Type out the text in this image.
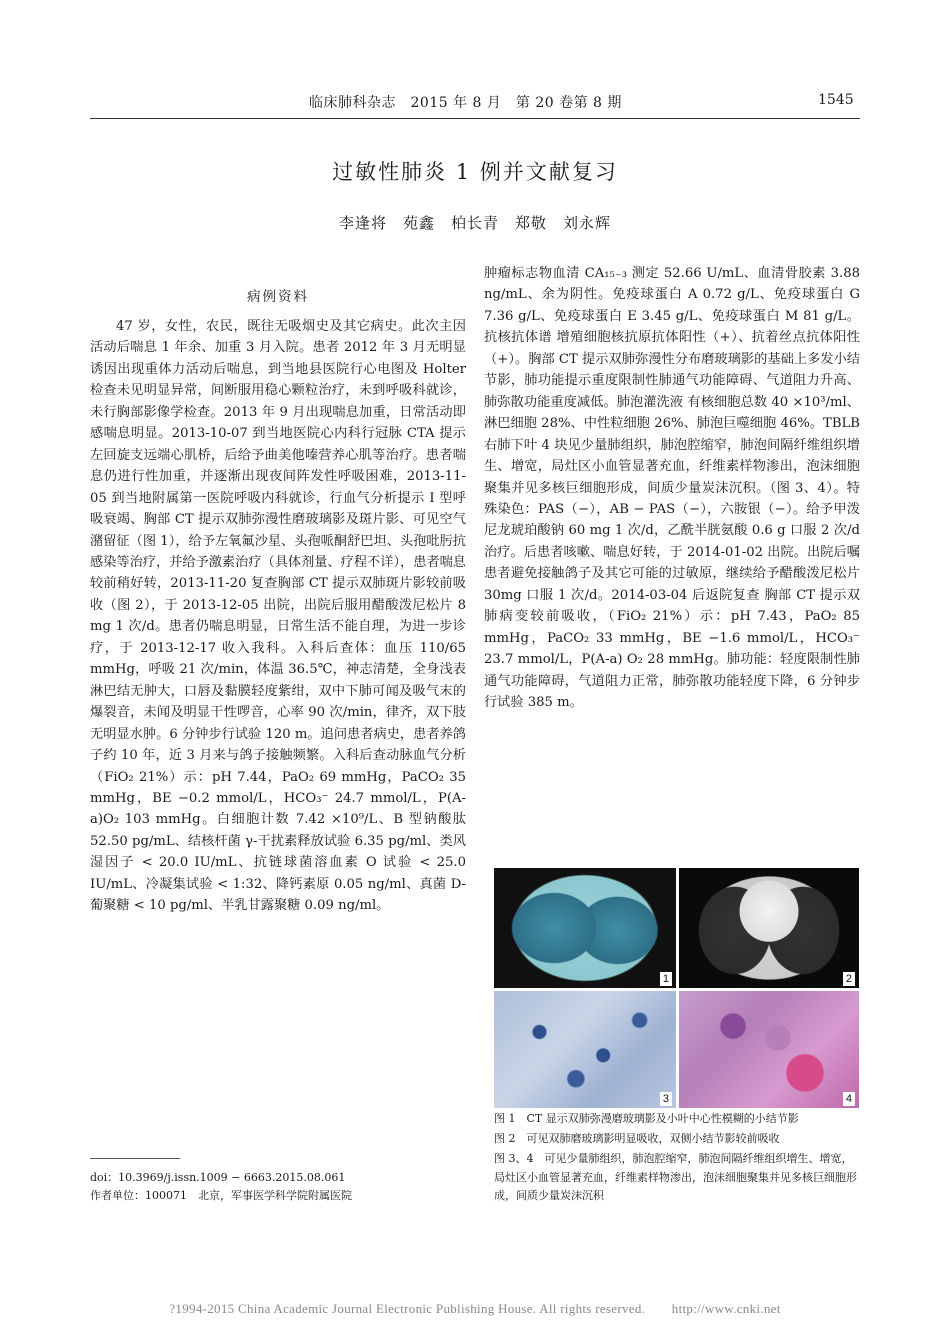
临床肺科杂志　2015 年 8 月　第 20 卷第 8 期	1545
过敏性肺炎 1 例并文献复习
李逢将　苑鑫　柏长青　郑敬　刘永辉
病例资料

47 岁，女性，农民，既往无吸烟史及其它病史。此次主因活动后喘息 1 年余、加重 3 月入院。患者 2012 年 3 月无明显诱因出现重体力活动后喘息，到当地县医院行心电图及 Holter 检查未见明显异常，间断服用稳心颗粒治疗，未到呼吸科就诊，未行胸部影像学检查。2013 年 9 月出现喘息加重，日常活动即感喘息明显。2013-10-07 到当地医院心内科行冠脉 CTA 提示左回旋支远端心肌桥，后给予曲美他嗪营养心肌等治疗。患者喘息仍进行性加重，并逐渐出现夜间阵发性呼吸困难，2013-11-05 到当地附属第一医院呼吸内科就诊，行血气分析提示 I 型呼吸衰竭、胸部 CT 提示双肺弥漫性磨玻璃影及斑片影、可见空气潴留征（图 1），给予左氧氟沙星、头孢哌酮舒巴坦、头孢吡肟抗感染等治疗，并给予激素治疗（具体剂量、疗程不详），患者喘息较前稍好转，2013-11-20 复查胸部 CT 提示双肺斑片影较前吸收（图 2），于 2013-12-05 出院，出院后服用醋酸泼尼松片 8 mg 1 次/d。患者仍喘息明显，日常生活不能自理，为进一步诊疗，于 2013-12-17 收入我科。入科后查体：血压 110/65 mmHg，呼吸 21 次/min，体温 36.5℃，神志清楚，全身浅表淋巴结无肿大，口唇及黏膜轻度紫绀，双中下肺可闻及吸气末的爆裂音，未闻及明显干性啰音，心率 90 次/min，律齐，双下肢无明显水肿。6 分钟步行试验 120 m。追问患者病史，患者养鸽子约 10 年，近 3 月来与鸽子接触频繁。入科后查动脉血气分析（FiO₂ 21%）示：pH 7.44，PaO₂ 69 mmHg，PaCO₂ 35 mmHg，BE −0.2 mmol/L，HCO₃⁻ 24.7 mmol/L，P(A-a)O₂ 103 mmHg。白细胞计数 7.42 ×10⁹/L、B 型钠酸肽 52.50 pg/mL、结核杆菌 γ-干扰素释放试验 6.35 pg/ml、类风湿因子 < 20.0 IU/mL、抗链球菌溶血素 O 试验 < 25.0 IU/mL、冷凝集试验 < 1:32、降钙素原 0.05 ng/ml、真菌 D-葡聚糖 < 10 pg/ml、半乳甘露聚糖 0.09 ng/ml。

肿瘤标志物血清 CA₁₅₋₃ 测定 52.66 U/mL、血清骨胶素 3.88 ng/mL、余为阴性。免疫球蛋白 A 0.72 g/L、免疫球蛋白 G 7.36 g/L、免疫球蛋白 E 3.45 g/L、免疫球蛋白 M 81 g/L。抗核抗体谱 增殖细胞核抗原抗体阳性（+）、抗着丝点抗体阳性（+）。胸部 CT 提示双肺弥漫性分布磨玻璃影的基础上多发小结节影，肺功能提示重度限制性肺通气功能障碍、气道阻力升高、肺弥散功能重度减低。肺泡灌洗液 有核细胞总数 40 ×10³/ml、淋巴细胞 28%、中性粒细胞 26%、肺泡巨噬细胞 46%。TBLB 右肺下叶 4 块见少量肺组织，肺泡腔缩窄，肺泡间隔纤维组织增生、增宽，局灶区小血管显著充血，纤维素样物渗出，泡沫细胞聚集并见多核巨细胞形成，间质少量炭沫沉积。（图 3、4）。特殊染色：PAS（−），AB − PAS（−），六胺银（−）。给予甲泼尼龙琥珀酸钠 60 mg 1 次/d，乙酰半胱氨酸 0.6 g 口服 2 次/d 治疗。后患者咳嗽、喘息好转，于 2014-01-02 出院。出院后嘱患者避免接触鸽子及其它可能的过敏原，继续给予醋酸泼尼松片 30mg 口服 1 次/d。2014-03-04 后返院复查 胸部 CT 提示双肺病变较前吸收，（FiO₂ 21%）示：pH 7.43，PaO₂ 85 mmHg，PaCO₂ 33 mmHg，BE −1.6 mmol/L，HCO₃⁻ 23.7 mmol/L，P(A-a) O₂ 28 mmHg。肺功能：轻度限制性肺通气功能障碍，气道阻力正常，肺弥散功能轻度下降，6 分钟步行试验 385 m。

1	2
3	4
图 1　CT 显示双肺弥漫磨玻璃影及小叶中心性模糊的小结节影
图 2　可见双肺磨玻璃影明显吸收，双侧小结节影较前吸收
图 3、4　可见少量肺组织，肺泡腔缩窄，肺泡间隔纤维组织增生、增宽，局灶区小血管显著充血，纤维素样物渗出，泡沫细胞聚集并见多核巨细胞形成，间质少量炭沫沉积
doi：10.3969/j.issn.1009 − 6663.2015.08.061
作者单位：100071　北京，军事医学科学院附属医院
?1994-2015 China Academic Journal Electronic Publishing House. All rights reserved.　　http://www.cnki.net
